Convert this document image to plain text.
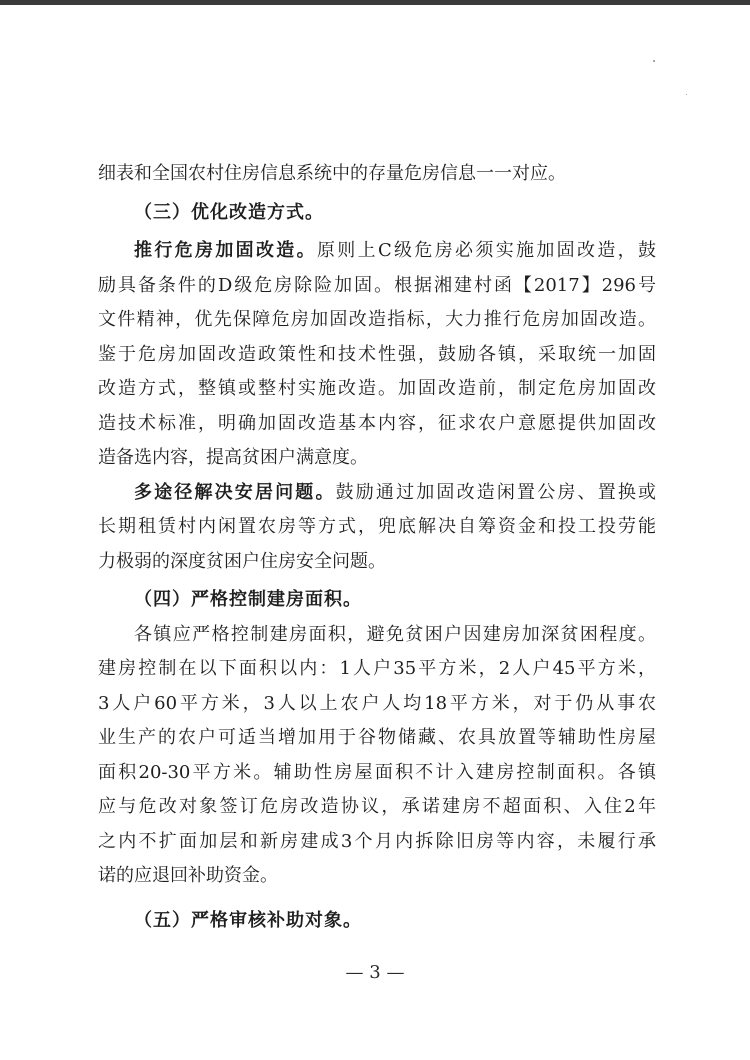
细表和全国农村住房信息系统中的存量危房信息一一对应。
（三）优化改造方式。
推行危房加固改造。原则上C级危房必须实施加固改造，鼓
励具备条件的D级危房除险加固。根据湘建村函【2017】296号
文件精神，优先保障危房加固改造指标，大力推行危房加固改造。
鉴于危房加固改造政策性和技术性强，鼓励各镇，采取统一加固
改造方式，整镇或整村实施改造。加固改造前，制定危房加固改
造技术标准，明确加固改造基本内容，征求农户意愿提供加固改
造备选内容，提高贫困户满意度。
多途径解决安居问题。鼓励通过加固改造闲置公房、置换或
长期租赁村内闲置农房等方式，兜底解决自筹资金和投工投劳能
力极弱的深度贫困户住房安全问题。
（四）严格控制建房面积。
各镇应严格控制建房面积，避免贫困户因建房加深贫困程度。
建房控制在以下面积以内：1人户35平方米，2人户45平方米，
3人户60平方米，3人以上农户人均18平方米，对于仍从事农
业生产的农户可适当增加用于谷物储藏、农具放置等辅助性房屋
面积20-30平方米。辅助性房屋面积不计入建房控制面积。各镇
应与危改对象签订危房改造协议，承诺建房不超面积、入住2年
之内不扩面加层和新房建成3个月内拆除旧房等内容，未履行承
诺的应退回补助资金。
（五）严格审核补助对象。
— 3 —
